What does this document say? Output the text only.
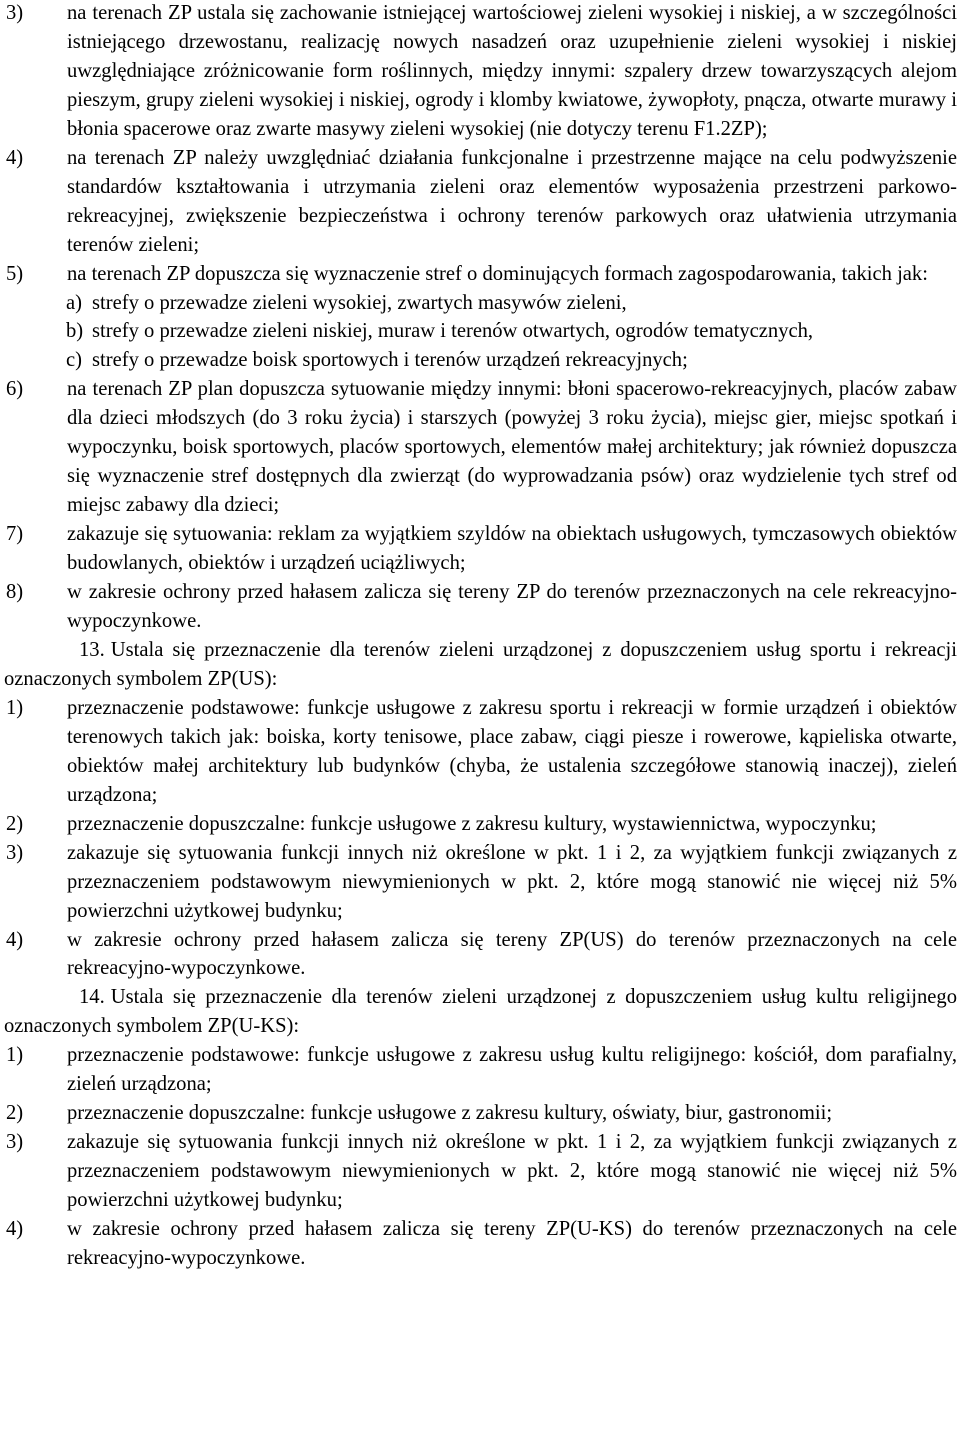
3) na terenach ZP ustala się zachowanie istniejącej wartościowej zieleni wysokiej i niskiej, a w szczególności istniejącego drzewostanu, realizację nowych nasadzeń oraz uzupełnienie zieleni wysokiej i niskiej uwzględniające zróżnicowanie form roślinnych, między innymi: szpalery drzew towarzyszących alejom pieszym, grupy zieleni wysokiej i niskiej, ogrody i klomby kwiatowe, żywopłoty, pnącza, otwarte murawy i błonia spacerowe oraz zwarte masywy zieleni wysokiej (nie dotyczy terenu F1.2ZP);
4) na terenach ZP należy uwzględniać działania funkcjonalne i przestrzenne mające na celu podwyższenie standardów kształtowania i utrzymania zieleni oraz elementów wyposażenia przestrzeni parkowo-rekreacyjnej, zwiększenie bezpieczeństwa i ochrony terenów parkowych oraz ułatwienia utrzymania terenów zieleni;
5) na terenach ZP dopuszcza się wyznaczenie stref o dominujących formach zagospodarowania, takich jak:
a) strefy o przewadze zieleni wysokiej, zwartych masywów zieleni,
b) strefy o przewadze zieleni niskiej, muraw i terenów otwartych, ogrodów tematycznych,
c) strefy o przewadze boisk sportowych i terenów urządzeń rekreacyjnych;
6) na terenach ZP plan dopuszcza sytuowanie między innymi: błoni spacerowo-rekreacyjnych, placów zabaw dla dzieci młodszych (do 3 roku życia) i starszych (powyżej 3 roku życia), miejsc gier, miejsc spotkań i wypoczynku, boisk sportowych, placów sportowych, elementów małej architektury; jak również dopuszcza się wyznaczenie stref dostępnych dla zwierząt (do wyprowadzania psów) oraz wydzielenie tych stref od miejsc zabawy dla dzieci;
7) zakazuje się sytuowania: reklam za wyjątkiem szyldów na obiektach usługowych, tymczasowych obiektów budowlanych, obiektów i urządzeń uciążliwych;
8) w zakresie ochrony przed hałasem zalicza się tereny ZP do terenów przeznaczonych na cele rekreacyjno-wypoczynkowe.
13. Ustala się przeznaczenie dla terenów zieleni urządzonej z dopuszczeniem usług sportu i rekreacji oznaczonych symbolem ZP(US):
1) przeznaczenie podstawowe: funkcje usługowe z zakresu sportu i rekreacji w formie urządzeń i obiektów terenowych takich jak: boiska, korty tenisowe, place zabaw, ciągi piesze i rowerowe, kąpieliska otwarte, obiektów małej architektury lub budynków (chyba, że ustalenia szczegółowe stanowią inaczej), zieleń urządzona;
2) przeznaczenie dopuszczalne: funkcje usługowe z zakresu kultury, wystawiennictwa, wypoczynku;
3) zakazuje się sytuowania funkcji innych niż określone w pkt. 1 i 2, za wyjątkiem funkcji związanych z przeznaczeniem podstawowym niewymienionych w pkt. 2, które mogą stanowić nie więcej niż 5% powierzchni użytkowej budynku;
4) w zakresie ochrony przed hałasem zalicza się tereny ZP(US) do terenów przeznaczonych na cele rekreacyjno-wypoczynkowe.
14. Ustala się przeznaczenie dla terenów zieleni urządzonej z dopuszczeniem usług kultu religijnego oznaczonych symbolem ZP(U-KS):
1) przeznaczenie podstawowe: funkcje usługowe z zakresu usług kultu religijnego: kościół, dom parafialny, zieleń urządzona;
2) przeznaczenie dopuszczalne: funkcje usługowe z zakresu kultury, oświaty, biur, gastronomii;
3) zakazuje się sytuowania funkcji innych niż określone w pkt. 1 i 2, za wyjątkiem funkcji związanych z przeznaczeniem podstawowym niewymienionych w pkt. 2, które mogą stanowić nie więcej niż 5% powierzchni użytkowej budynku;
4) w zakresie ochrony przed hałasem zalicza się tereny ZP(U-KS) do terenów przeznaczonych na cele rekreacyjno-wypoczynkowe.
